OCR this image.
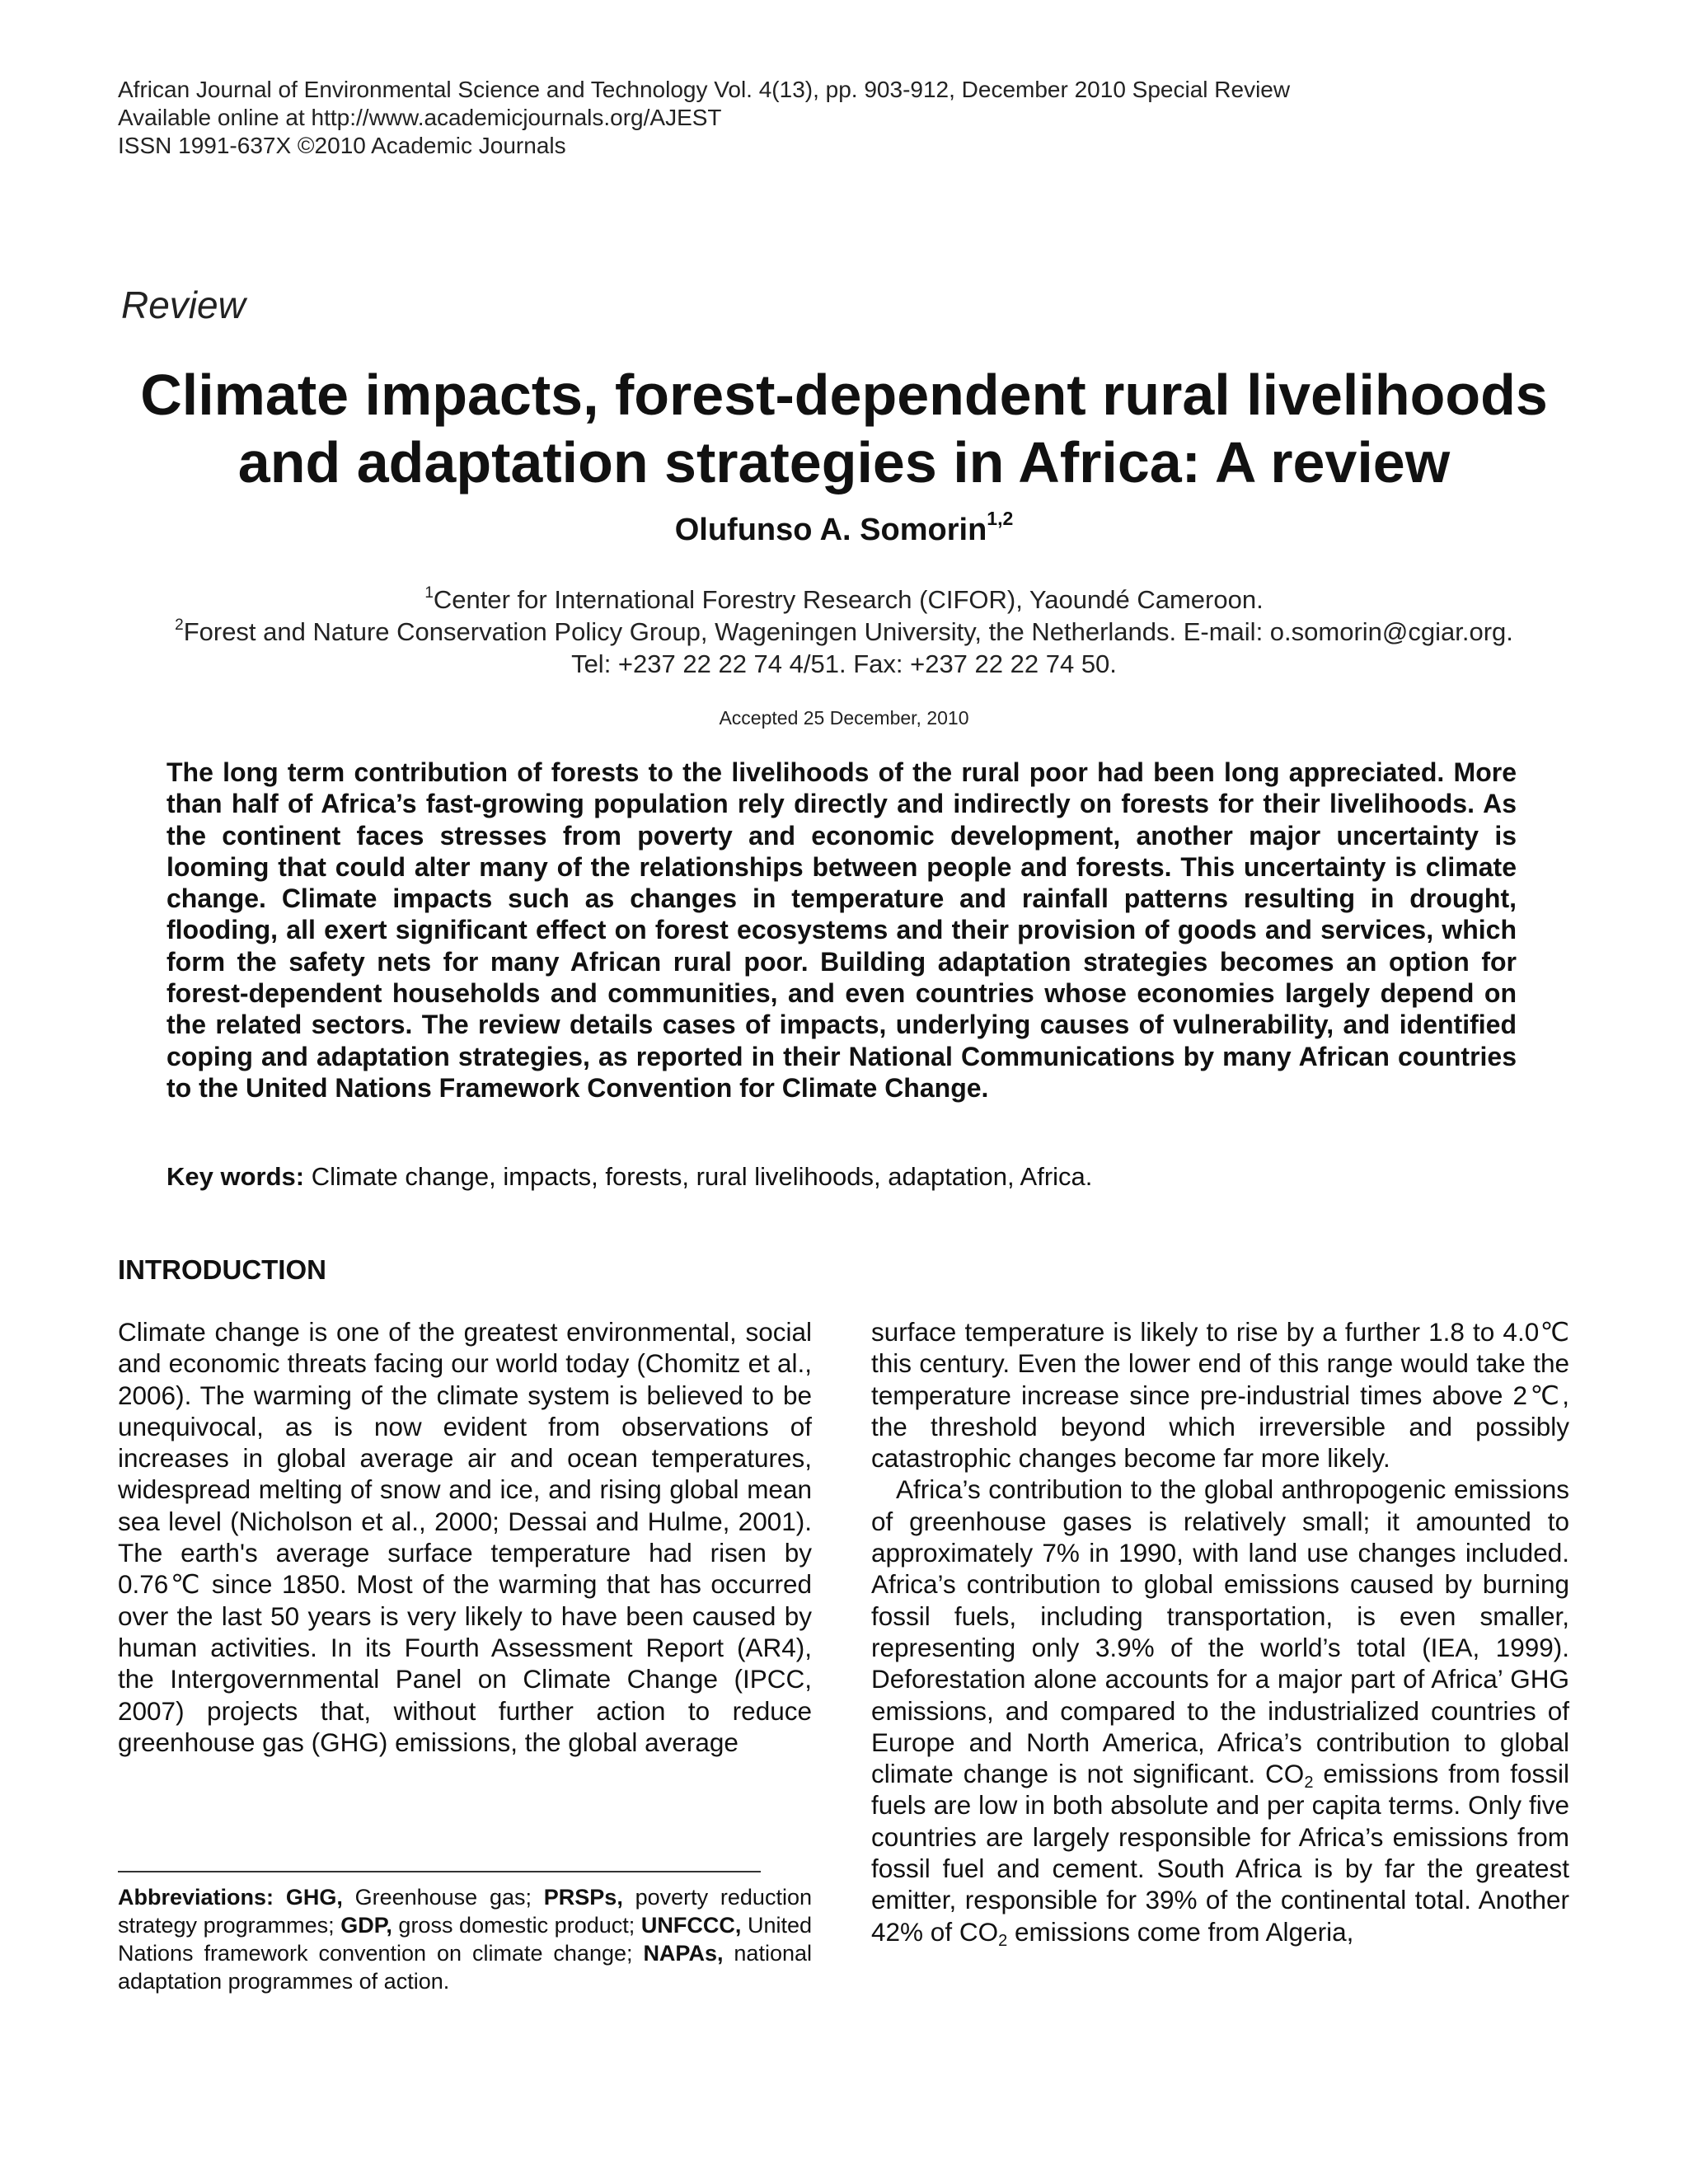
African Journal of Environmental Science and Technology Vol. 4(13), pp. 903-912, December 2010 Special Review
Available online at http://www.academicjournals.org/AJEST
ISSN 1991-637X ©2010 Academic Journals
Review
Climate impacts, forest-dependent rural livelihoods and adaptation strategies in Africa: A review
Olufunso A. Somorin$^{1,2}$
$^1$Center for International Forestry Research (CIFOR), Yaoundé Cameroon.
$^2$Forest and Nature Conservation Policy Group, Wageningen University, the Netherlands. E-mail: o.somorin@cgiar.org.
Tel: +237 22 22 74 4/51. Fax: +237 22 22 74 50.
Accepted 25 December, 2010

The long term contribution of forests to the livelihoods of the rural poor had been long appreciated. More than half of Africa’s fast-growing population rely directly and indirectly on forests for their livelihoods. As the continent faces stresses from poverty and economic development, another major uncertainty is looming that could alter many of the relationships between people and forests. This uncertainty is climate change. Climate impacts such as changes in temperature and rainfall patterns resulting in drought, flooding, all exert significant effect on forest ecosystems and their provision of goods and services, which form the safety nets for many African rural poor. Building adaptation strategies becomes an option for forest-dependent households and communities, and even countries whose economies largely depend on the related sectors. The review details cases of impacts, underlying causes of vulnerability, and identified coping and adaptation strategies, as reported in their National Communications by many African countries to the United Nations Framework Convention for Climate Change.

Key words: Climate change, impacts, forests, rural livelihoods, adaptation, Africa.
INTRODUCTION

Climate change is one of the greatest environmental, social and economic threats facing our world today (Chomitz et al., 2006). The warming of the climate system is believed to be unequivocal, as is now evident from observations of increases in global average air and ocean temperatures, widespread melting of snow and ice, and rising global mean sea level (Nicholson et al., 2000; Dessai and Hulme, 2001). The earth's average surface temperature had risen by 0.76℃ since 1850. Most of the warming that has occurred over the last 50 years is very likely to have been caused by human activities. In its Fourth Assessment Report (AR4), the Intergovernmental Panel on Climate Change (IPCC, 2007) projects that, without further action to reduce greenhouse gas (GHG) emissions, the global average

surface temperature is likely to rise by a further 1.8 to 4.0℃ this century. Even the lower end of this range would take the temperature increase since pre-industrial times above 2℃, the threshold beyond which irreversible and possibly catastrophic changes become far more likely.

Africa’s contribution to the global anthropogenic emissions of greenhouse gases is relatively small; it amounted to approximately 7% in 1990, with land use changes included. Africa’s contribution to global emissions caused by burning fossil fuels, including transportation, is even smaller, representing only 3.9% of the world’s total (IEA, 1999). Deforestation alone accounts for a major part of Africa’ GHG emissions, and compared to the industrialized countries of Europe and North America, Africa’s contribution to global climate change is not significant. $CO_2$ emissions from fossil fuels are low in both absolute and per capita terms. Only five countries are largely responsible for Africa’s emissions from fossil fuel and cement. South Africa is by far the greatest emitter, responsible for 39% of the continental total. Another 42% of $CO_2$ emissions come from Algeria,

Abbreviations: GHG, Greenhouse gas; PRSPs, poverty reduction strategy programmes; GDP, gross domestic product; UNFCCC, United Nations framework convention on climate change; NAPAs, national adaptation programmes of action.
